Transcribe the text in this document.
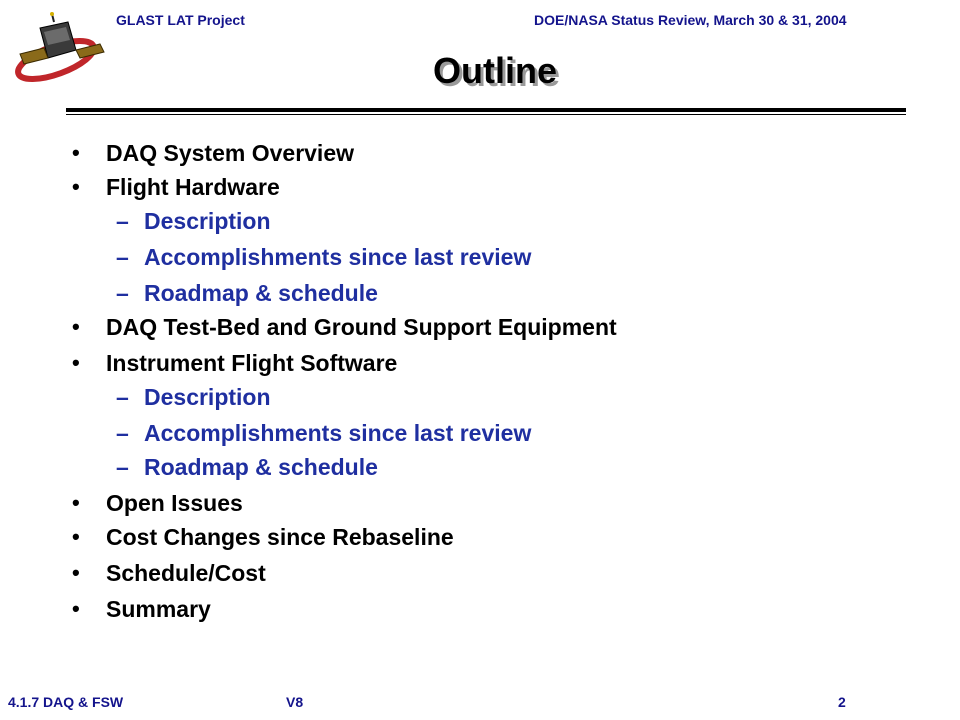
GLAST LAT Project	DOE/NASA Status Review, March 30 & 31, 2004
Outline
• DAQ System Overview
• Flight Hardware
– Description
– Accomplishments since last review
– Roadmap & schedule
• DAQ Test-Bed and Ground Support Equipment
• Instrument Flight Software
– Description
– Accomplishments since last review
– Roadmap & schedule
• Open Issues
• Cost Changes since Rebaseline
• Schedule/Cost
• Summary
4.1.7 DAQ & FSW	V8	2
